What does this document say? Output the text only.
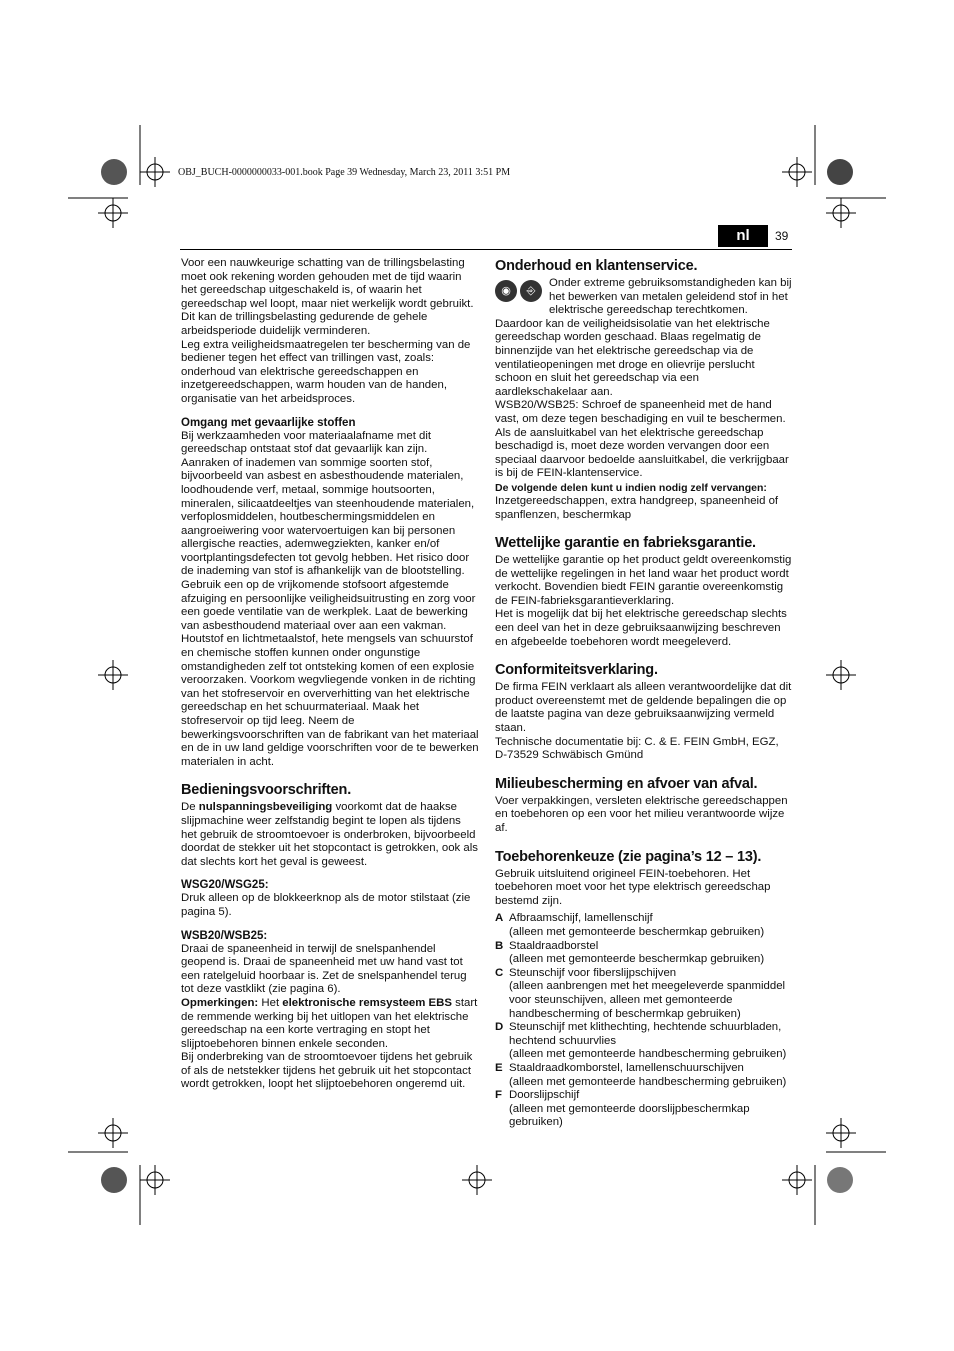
OBJ_BUCH-0000000033-001.book Page 39 Wednesday, March 23, 2011 3:51 PM
nl	39

Voor een nauwkeurige schatting van de trillingsbelasting moet ook rekening worden gehouden met de tijd waarin het gereedschap uitgeschakeld is, of waarin het gereedschap wel loopt, maar niet werkelijk wordt gebruikt. Dit kan de trillingsbelasting gedurende de gehele arbeidsperiode duidelijk verminderen.

Leg extra veiligheidsmaatregelen ter bescherming van de bediener tegen het effect van trillingen vast, zoals: onderhoud van elektrische gereedschappen en inzetgereedschappen, warm houden van de handen, organisatie van het arbeidsproces.

Omgang met gevaarlijke stoffen

Bij werkzaamheden voor materiaalafname met dit gereedschap ontstaat stof dat gevaarlijk kan zijn.

Aanraken of inademen van sommige soorten stof, bijvoorbeeld van asbest en asbesthoudende materialen, loodhoudende verf, metaal, sommige houtsoorten, mineralen, silicaatdeeltjes van steenhoudende materialen, verfoplosmiddelen, houtbeschermingsmiddelen en aangroeiwering voor watervoertuigen kan bij personen allergische reacties, ademwegziekten, kanker en/of voortplantingsdefecten tot gevolg hebben. Het risico door de inademing van stof is afhankelijk van de blootstelling. Gebruik een op de vrijkomende stofsoort afgestemde afzuiging en persoonlijke veiligheidsuitrusting en zorg voor een goede ventilatie van de werkplek. Laat de bewerking van asbesthoudend materiaal over aan een vakman.

Houtstof en lichtmetaalstof, hete mengsels van schuurstof en chemische stoffen kunnen onder ongunstige omstandigheden zelf tot ontsteking komen of een explosie veroorzaken. Voorkom wegvliegende vonken in de richting van het stofreservoir en oververhitting van het elektrische gereedschap en het schuurmateriaal. Maak het stofreservoir op tijd leeg. Neem de bewerkingsvoorschriften van de fabrikant van het materiaal en de in uw land geldige voorschriften voor de te bewerken materialen in acht.

Bedieningsvoorschriften.

De nulspanningsbeveiliging voorkomt dat de haakse slijpmachine weer zelfstandig begint te lopen als tijdens het gebruik de stroomtoevoer is onderbroken, bijvoorbeeld doordat de stekker uit het stopcontact is getrokken, ook als dat slechts kort het geval is geweest.

WSG20/WSG25:

Druk alleen op de blokkeerknop als de motor stilstaat (zie pagina 5).

WSB20/WSB25:

Draai de spaneenheid in terwijl de snelspanhendel geopend is. Draai de spaneenheid met uw hand vast tot een ratelgeluid hoorbaar is. Zet de snelspanhendel terug tot deze vastklikt (zie pagina 6).

Opmerkingen: Het elektronische remsysteem EBS start de remmende werking bij het uitlopen van het elektrische gereedschap na een korte vertraging en stopt het slijptoebehoren binnen enkele seconden.

Bij onderbreking van de stroomtoevoer tijdens het gebruik of als de netstekker tijdens het gebruik uit het stopcontact wordt getrokken, loopt het slijptoebehoren ongeremd uit.

Onderhoud en klantenservice.
◉	⎆

Onder extreme gebruiksomstandigheden kan bij het bewerken van metalen geleidend stof in het elektrische gereedschap terechtkomen.

Daardoor kan de veiligheidsisolatie van het elektrische gereedschap worden geschaad. Blaas regelmatig de binnenzijde van het elektrische gereedschap via de ventilatieopeningen met droge en olievrije perslucht schoon en sluit het gereedschap via een aardlekschakelaar aan.

WSB20/WSB25: Schroef de spaneenheid met de hand vast, om deze tegen beschadiging en vuil te beschermen.

Als de aansluitkabel van het elektrische gereedschap beschadigd is, moet deze worden vervangen door een speciaal daarvoor bedoelde aansluitkabel, die verkrijgbaar is bij de FEIN-klantenservice.

De volgende delen kunt u indien nodig zelf vervangen:

Inzetgereedschappen, extra handgreep, spaneenheid of spanflenzen, beschermkap

Wettelijke garantie en fabrieksgarantie.

De wettelijke garantie op het product geldt overeenkomstig de wettelijke regelingen in het land waar het product wordt verkocht. Bovendien biedt FEIN garantie overeenkomstig de FEIN-fabrieksgarantieverklaring.

Het is mogelijk dat bij het elektrische gereedschap slechts een deel van het in deze gebruiksaanwijzing beschreven en afgebeelde toebehoren wordt meegeleverd.

Conformiteitsverklaring.

De firma FEIN verklaart als alleen verantwoordelijke dat dit product overeenstemt met de geldende bepalingen die op de laatste pagina van deze gebruiksaanwijzing vermeld staan.

Technische documentatie bij: C. & E. FEIN GmbH, EGZ, D-73529 Schwäbisch Gmünd

Milieubescherming en afvoer van afval.

Voer verpakkingen, versleten elektrische gereedschappen en toebehoren op een voor het milieu verantwoorde wijze af.

Toebehorenkeuze (zie pagina’s 12 – 13).

Gebruik uitsluitend origineel FEIN-toebehoren. Het toebehoren moet voor het type elektrisch gereedschap bestemd zijn.

A Afbraamschijf, lamellenschijf
(alleen met gemonteerde beschermkap gebruiken)
B Staaldraadborstel
(alleen met gemonteerde beschermkap gebruiken)
C Steunschijf voor fiberslijpschijven
(alleen aanbrengen met het meegeleverde spanmiddel voor steunschijven, alleen met gemonteerde handbescherming of beschermkap gebruiken)
D Steunschijf met klithechting, hechtende schuurbladen, hechtend schuurvlies
(alleen met gemonteerde handbescherming gebruiken)
E Staaldraadkomborstel, lamellenschuurschijven
(alleen met gemonteerde handbescherming gebruiken)
F Doorslijpschijf
(alleen met gemonteerde doorslijpbeschermkap gebruiken)
